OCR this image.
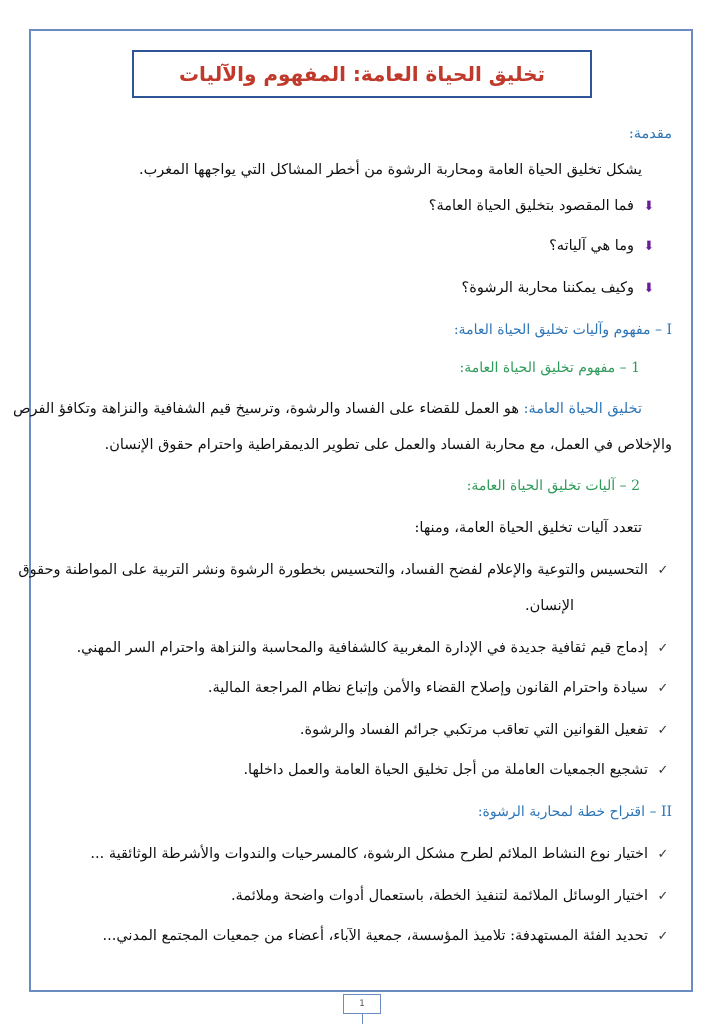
تخليق الحياة العامة: المفهوم والآليات
مقدمة:
يشكل تخليق الحياة العامة ومحاربة الرشوة من أخطر المشاكل التي يواجهها المغرب.
⬇فما المقصود بتخليق الحياة العامة؟
⬇وما هي آلياته؟
⬇وكيف يمكننا محاربة الرشوة؟
I – مفهوم وآليات تخليق الحياة العامة:
1 – مفهوم تخليق الحياة العامة:
تخليق الحياة العامة: هو العمل للقضاء على الفساد والرشوة، وترسيخ قيم الشفافية والنزاهة وتكافؤ الفرص
والإخلاص في العمل، مع محاربة الفساد والعمل على تطوير الديمقراطية واحترام حقوق الإنسان.
2 – آليات تخليق الحياة العامة:
تتعدد آليات تخليق الحياة العامة، ومنها:
✓التحسيس والتوعية والإعلام لفضح الفساد، والتحسيس بخطورة الرشوة ونشر التربية على المواطنة وحقوق
الإنسان.
✓إدماج قيم ثقافية جديدة في الإدارة المغربية كالشفافية والمحاسبة والنزاهة واحترام السر المهني.
✓سيادة واحترام القانون وإصلاح القضاء والأمن وإتباع نظام المراجعة المالية.
✓تفعيل القوانين التي تعاقب مرتكبي جرائم الفساد والرشوة.
✓تشجيع الجمعيات العاملة من أجل تخليق الحياة العامة والعمل داخلها.
II – اقتراح خطة لمحاربة الرشوة:
✓اختيار نوع النشاط الملائم لطرح مشكل الرشوة، كالمسرحيات والندوات والأشرطة الوثائقية ...
✓اختيار الوسائل الملائمة لتنفيذ الخطة، باستعمال أدوات واضحة وملائمة.
✓تحديد الفئة المستهدفة: تلاميذ المؤسسة، جمعية الآباء، أعضاء من جمعيات المجتمع المدني...
1
